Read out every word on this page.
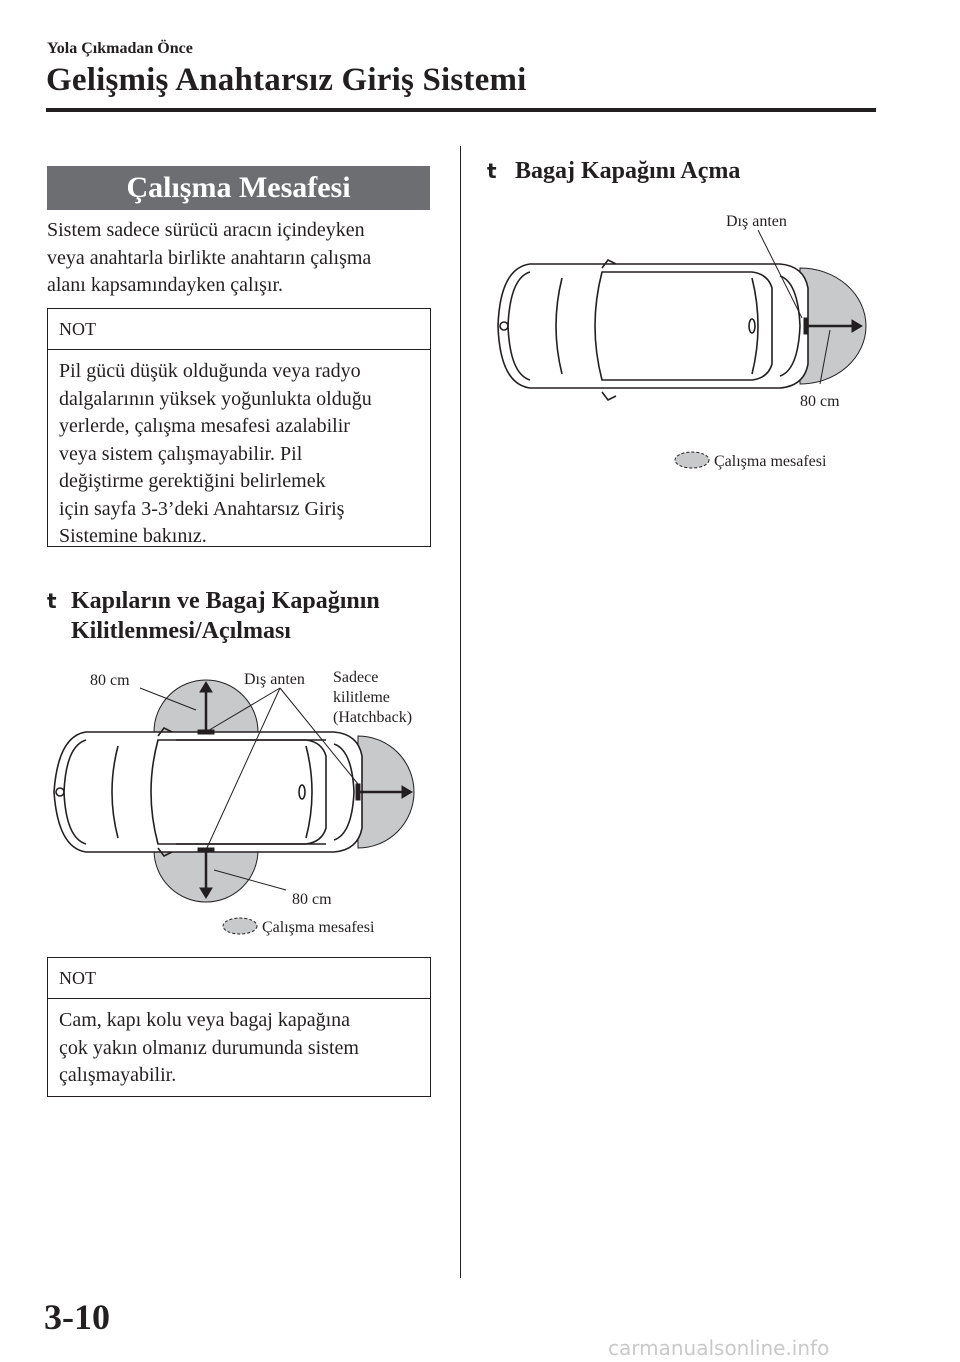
Yola Çıkmadan Önce
Gelişmiş Anahtarsız Giriş Sistemi
Çalışma Mesafesi
Sistem sadece sürücü aracın içindeyken
veya anahtarla birlikte anahtarın çalışma
alanı kapsamındayken çalışır.
NOT
Pil gücü düşük olduğunda veya radyo
dalgalarının yüksek yoğunlukta olduğu
yerlerde, çalışma mesafesi azalabilir
veya sistem çalışmayabilir. Pil
değiştirme gerektiğini belirlemek
için sayfa 3-3’deki Anahtarsız Giriş
Sistemine bakınız.
t Kapıların ve Bagaj Kapağının
Kilitlenmesi/Açılması
80 cm	Dış anten Sadece
kilitleme
(Hatchback)
80 cm
Çalışma mesafesi
NOT
Cam, kapı kolu veya bagaj kapağına
çok yakın olmanız durumunda sistem
çalışmayabilir.
t Bagaj Kapağını Açma
Dış anten
80 cm
Çalışma mesafesi
3-10
carmanualsonline.info
